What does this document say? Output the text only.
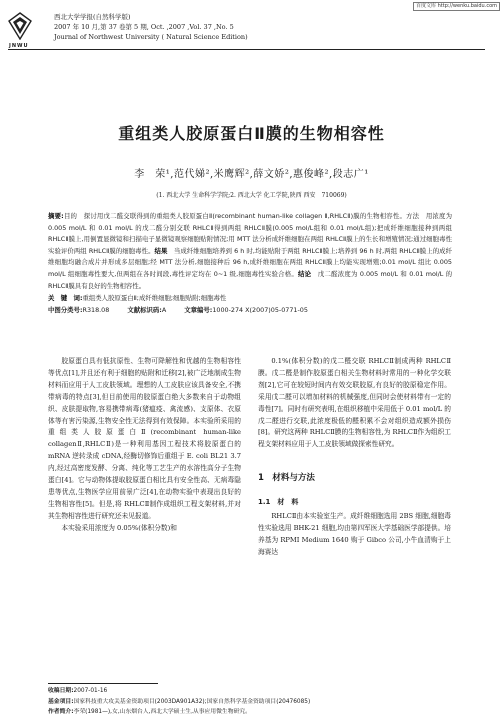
百度文库 http://wenku.baidu.com
JNWU
西北大学学报(自然科学版)
2007 年 10 月,第 37 卷第 5 期, Oct. ,2007 ,Vol. 37 ,No. 5
Journal of Northwest University ( Natural Science Edition)
重组类人胶原蛋白Ⅱ膜的生物相容性
李　荣¹,范代娣²,米鹰辉²,薛文娇²,惠俊峰²,段志广¹
(1. 西北大学 生命科学学院;2. 西北大学 化工学院,陕西 西安　710069)
摘要:目的　探讨用戊二醛交联得到的重组类人胶原蛋白Ⅱ(recombinant human-like collagen Ⅱ,RHLCⅡ)膜的生物相容性。方法　用浓度为 0.005 mol/L 和 0.01 mol/L 的戊二醛分别交联 RHLCⅡ得到两组 RHLCⅡ膜(0.005 mol/L组和 0.01 mol/L组);把成纤维细胞接种到两组 RHLCⅡ膜上,用倒置显微镜和扫描电子显微镜观察细胞贴附情况;用 MTT 法分析成纤维细胞在两组 RHLCⅡ膜上的生长和增殖情况;通过细胞毒性实验评价两组 RHLCⅡ膜的细胞毒性。结果　当成纤维细胞培养到 6 h 时,均能贴附于两组 RHLCⅡ膜上;培养到 96 h 时,两组 RHLCⅡ膜上的成纤维细胞均融合成片并形成多层细胞;经 MTT 法分析,细胞接种后 96 h,成纤维细胞在两组 RHLCⅡ膜上均能实现增殖;0.01 mol/L 组比 0.005 mol/L 组细胞毒性要大,但两组在各时间段,毒性评定均在 0~1 级,细胞毒性实验合格。结论　戊二醛浓度为 0.005 mol/L 和 0.01 mol/L 的 RHLCⅡ膜具有良好的生物相容性。
关　键　词:重组类人胶原蛋白Ⅱ;成纤维细胞;细胞贴附;细胞毒性
中图分类号: R318.08	文献标识码: A	文章编号: 1000-274 X(2007)05-0771-05

胶原蛋白具有低抗原性、生物可降解性和优越的生物相容性等优点[1],并且还有利于细胞的贴附和迁移[2],被广泛地制成生物材料而应用于人工皮肤领域。理想的人工皮肤应该具备安全,不携带病毒的特点[3],但目前使用的胶原蛋白绝大多数来自于动物组织、皮肤提取物,容易携带病毒(猪瘟疫、禽流感)、支原体、衣原体等有害污染源,生物安全性无法得到有效保障。本实验所采用的重组类人胶原蛋白Ⅱ(recombinant human-like collagenⅡ,RHLCⅡ)是一种利用基因工程技术将胶原蛋白的 mRNA 逆转录成 cDNA,经酶切修饰后重组于 E. coli BL21 3.7 内,经过高密度发酵、分离、纯化等工艺生产的水溶性高分子生物蛋白[4]。它与动物体提取胶原蛋白相比具有安全性高、无病毒隐患等优点,生物医学应用前景广泛[4],在动物实验中表现出良好的生物相容性[5]。但是,将 RHLCⅡ制作成组织工程支架材料,并对其生物相容性进行研究还未见报道。

本实验采用浓度为 0.05%(体积分数)和

0.1%(体积分数)的戊二醛交联 RHLCⅡ制成两种 RHLCⅡ膜。戊二醛是制作胶原蛋白相关生物材料时常用的一种化学交联剂[2],它可在较短时间内有效交联胶原,有良好的胶原稳定作用。采用戊二醛可以增加材料的机械强度,但同时会使材料带有一定的毒性[7]。同时有研究表明,在组织移植中采用低于 0.01 mol/L 的戊二醛进行交联,此浓度极低的醛积累不会对组织造成额外损伤[8]。研究这两种 RHLCⅡ膜的生物相容性,为 RHLCⅡ作为组织工程支架材料应用于人工皮肤领域做探索性研究。

1　材料与方法
1.1　材　料

RHLCⅡ由本实验室生产。成纤维细胞选用 2BS 细胞,细胞毒性实验选用 BHK-21 细胞,均由第四军医大学基础医学部提供。培养基为 RPMI Medium 1640 购于 Gibco 公司,小牛血清购于上海赛达

收稿日期:2007-01-16
基金项目:国家科技重大攻关基金资助项目(2003DA901A32);国家自然科学基金资助项目(20476085)
作者简介:李荣(1981—),女,山东烟台人,西北大学硕士生,从事应用微生物研究。
